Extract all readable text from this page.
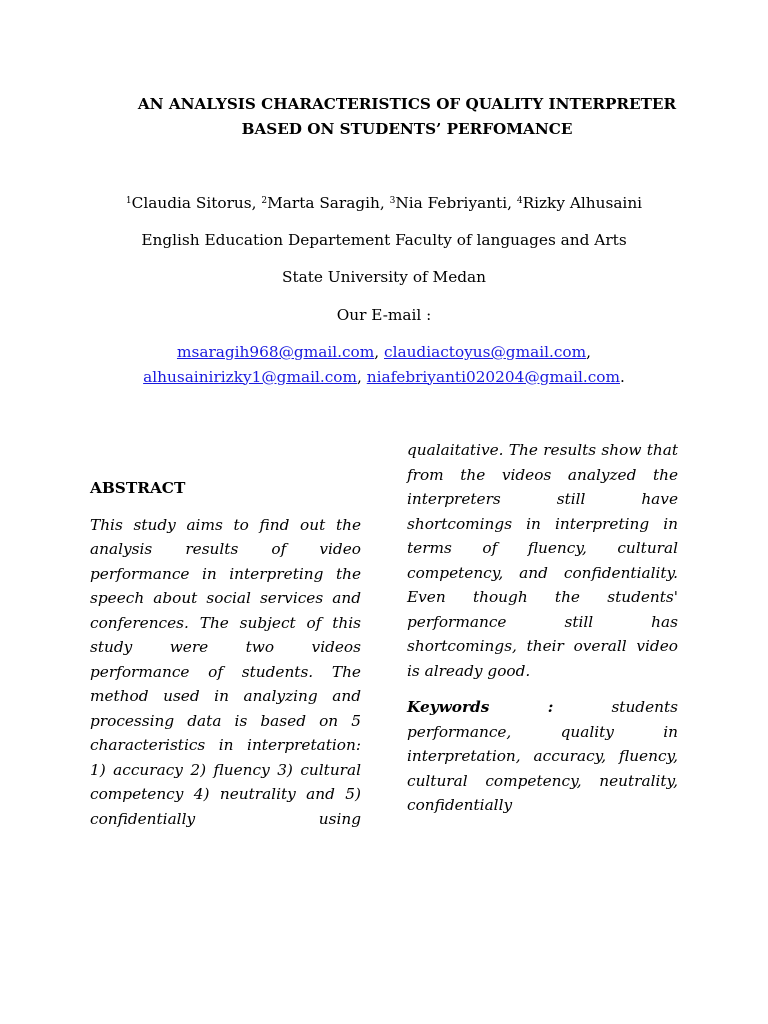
AN ANALYSIS CHARACTERISTICS OF QUALITY INTERPRETER
BASED ON STUDENTS’ PERFOMANCE
$^1$Claudia Sitorus, $^2$Marta Saragih, $^3$Nia Febriyanti, $^4$Rizky Alhusaini
English Education Departement Faculty of languages and Arts
State University of Medan
Our E-mail :
msaragih968@gmail.com, claudiactoyus@gmail.com,
alhusainirizky1@gmail.com, niafebriyanti020204@gmail.com.

ABSTRACT

This study aims to find out the analysis results of video performance in interpreting the speech about social services and conferences. The subject of this study were two videos performance of students. The method used in analyzing and processing data is based on 5 characteristics in interpretation: 1) accuracy 2) fluency 3) cultural competency 4) neutrality and 5) confidentially using

qualaitative. The results show that from the videos analyzed the interpreters still have shortcomings in interpreting in terms of fluency, cultural competency, and confidentiality. Even though the students' performance still has shortcomings, their overall video is already good.

Keywords :	students performance, quality in interpretation, accuracy, fluency, cultural competency, neutrality, confidentially
